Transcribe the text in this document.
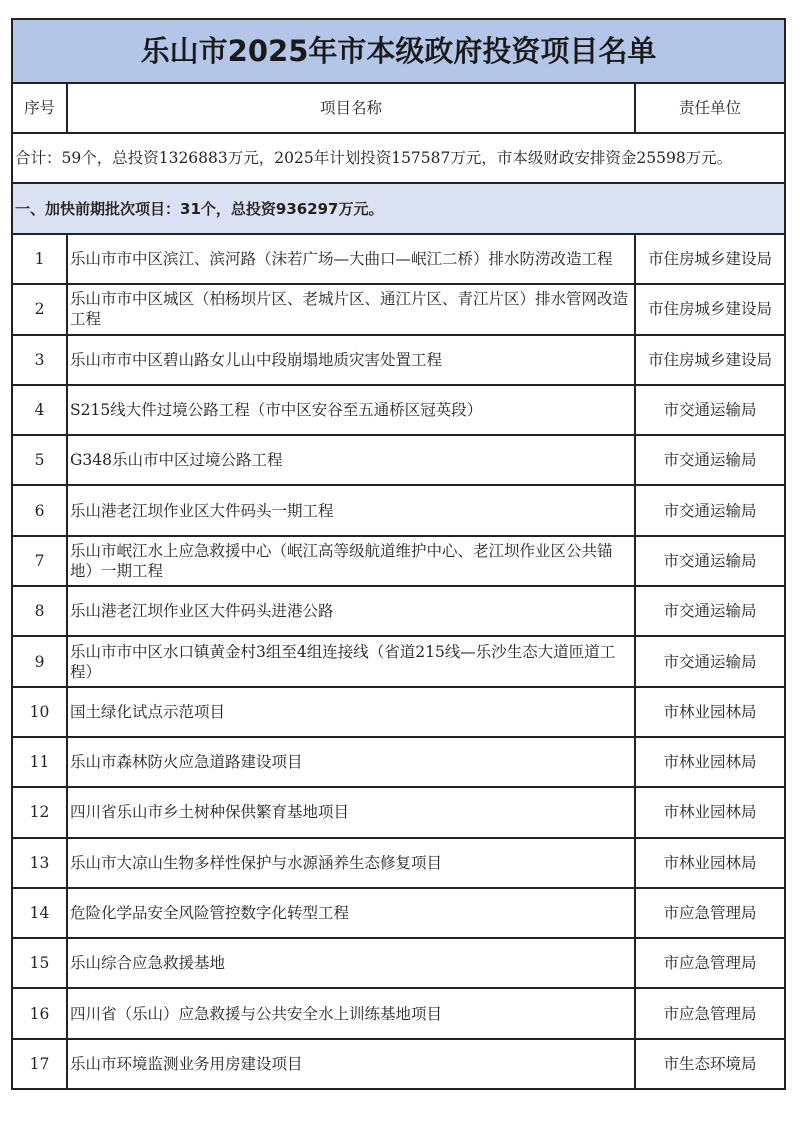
乐山市2025年市本级政府投资项目名单		
序号	项目名称	责任单位
合计：59个，总投资1326883万元，2025年计划投资157587万元，市本级财政安排资金25598万元。		
一、加快前期批次项目：31个，总投资936297万元。		
1	乐山市市中区滨江、滨河路（沫若广场—大曲口—岷江二桥）排水防涝改造工程	市住房城乡建设局
2	乐山市市中区城区（柏杨坝片区、老城片区、通江片区、青江片区）排水管网改造工程	市住房城乡建设局
3	乐山市市中区碧山路女儿山中段崩塌地质灾害处置工程	市住房城乡建设局
4	S215线大件过境公路工程（市中区安谷至五通桥区冠英段）	市交通运输局
5	G348乐山市中区过境公路工程	市交通运输局
6	乐山港老江坝作业区大件码头一期工程	市交通运输局
7	乐山市岷江水上应急救援中心（岷江高等级航道维护中心、老江坝作业区公共锚地）一期工程	市交通运输局
8	乐山港老江坝作业区大件码头进港公路	市交通运输局
9	乐山市市中区水口镇黄金村3组至4组连接线（省道215线—乐沙生态大道匝道工程）	市交通运输局
10	国土绿化试点示范项目	市林业园林局
11	乐山市森林防火应急道路建设项目	市林业园林局
12	四川省乐山市乡土树种保供繁育基地项目	市林业园林局
13	乐山市大凉山生物多样性保护与水源涵养生态修复项目	市林业园林局
14	危险化学品安全风险管控数字化转型工程	市应急管理局
15	乐山综合应急救援基地	市应急管理局
16	四川省（乐山）应急救援与公共安全水上训练基地项目	市应急管理局
17	乐山市环境监测业务用房建设项目	市生态环境局
